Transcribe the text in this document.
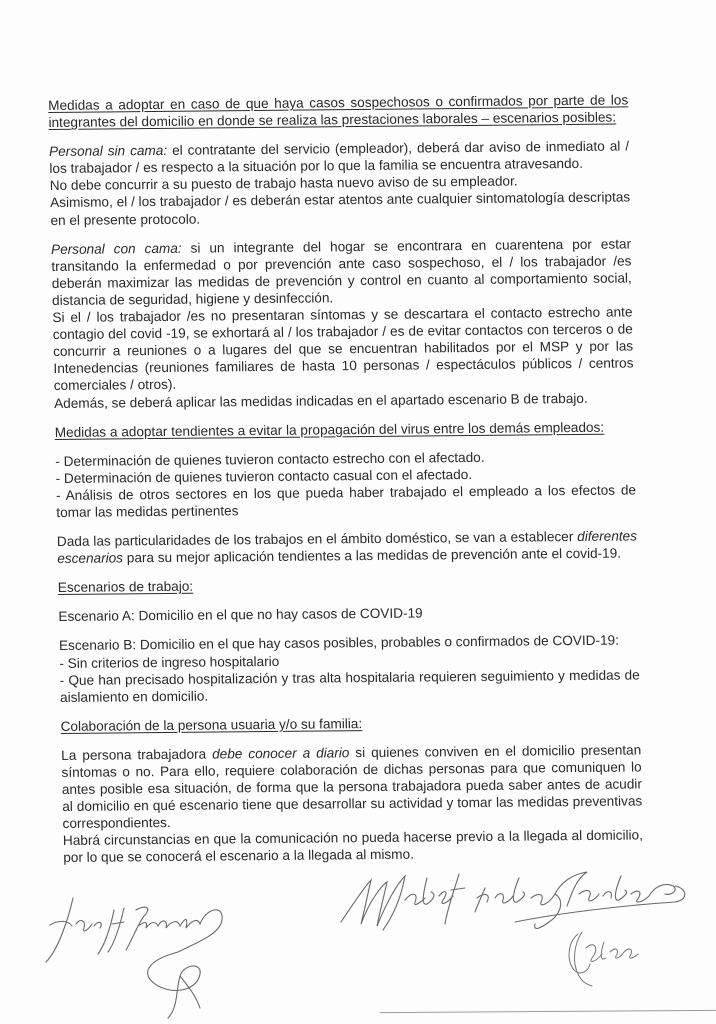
Medidas a adoptar en caso de que haya casos sospechosos o confirmados por parte de los integrantes del domicilio en donde se realiza las prestaciones laborales – escenarios posibles:

Personal sin cama: el contratante del servicio (empleador), deberá dar aviso de inmediato al / los trabajador / es respecto a la situación por lo que la familia se encuentra atravesando.

No debe concurrir a su puesto de trabajo hasta nuevo aviso de su empleador.

Asimismo, el / los trabajador / es deberán estar atentos ante cualquier sintomatología descriptas en el presente protocolo.

Personal con cama: si un integrante del hogar se encontrara en cuarentena por estar transitando la enfermedad o por prevención ante caso sospechoso, el / los trabajador /es deberán maximizar las medidas de prevención y control en cuanto al comportamiento social, distancia de seguridad, higiene y desinfección.

Si el / los trabajador /es no presentaran síntomas y se descartara el contacto estrecho ante contagio del covid -19, se exhortará al / los trabajador / es de evitar contactos con terceros o de concurrir a reuniones o a lugares del que se encuentran habilitados por el MSP y por las Intenedencias (reuniones familiares de hasta 10 personas / espectáculos públicos / centros comerciales / otros).

Además, se deberá aplicar las medidas indicadas en el apartado escenario B de trabajo.

Medidas a adoptar tendientes a evitar la propagación del virus entre los demás empleados:

- Determinación de quienes tuvieron contacto estrecho con el afectado.

- Determinación de quienes tuvieron contacto casual con el afectado.

- Análisis de otros sectores en los que pueda haber trabajado el empleado a los efectos de tomar las medidas pertinentes

Dada las particularidades de los trabajos en el ámbito doméstico, se van a establecer diferentes escenarios para su mejor aplicación tendientes a las medidas de prevención ante el covid-19.

Escenarios de trabajo:

Escenario A: Domicilio en el que no hay casos de COVID-19

Escenario B: Domicilio en el que hay casos posibles, probables o confirmados de COVID-19:

- Sin criterios de ingreso hospitalario

- Que han precisado hospitalización y tras alta hospitalaria requieren seguimiento y medidas de aislamiento en domicilio.

Colaboración de la persona usuaria y/o su familia:

La persona trabajadora debe conocer a diario si quienes conviven en el domicilio presentan síntomas o no. Para ello, requiere colaboración de dichas personas para que comuniquen lo antes posible esa situación, de forma que la persona trabajadora pueda saber antes de acudir al domicilio en qué escenario tiene que desarrollar su actividad y tomar las medidas preventivas correspondientes.

Habrá circunstancias en que la comunicación no pueda hacerse previo a la llegada al domicilio, por lo que se conocerá el escenario a la llegada al mismo.
